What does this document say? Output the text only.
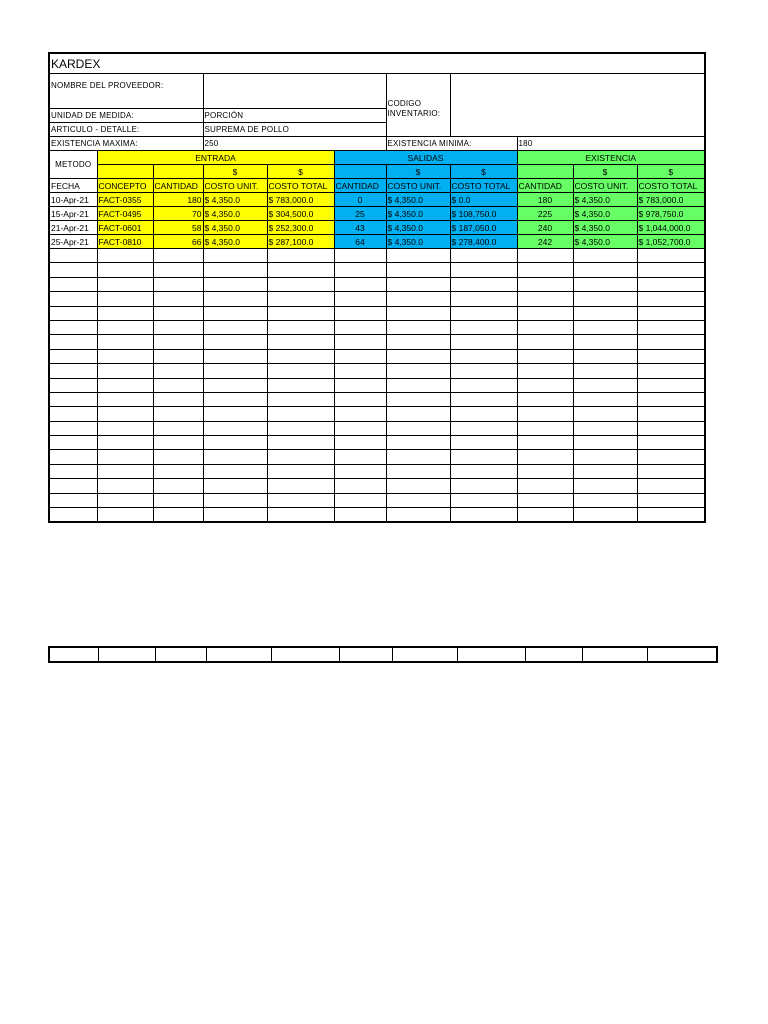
KARDEX										
NOMBRE DEL PROVEEDOR:						CODIGO INVENTARIO:				
UNIDAD DE MEDIDA:			PORCIÓN							
ARTICULO - DETALLE:			SUPREMA DE POLLO							
EXISTENCIA MAXIMA:			250			EXISTENCIA MINIMA:		180		
METODO	ENTRADA				SALIDAS			EXISTENCIA		
			$	$		$	$		$	$
FECHA	CONCEPTO	CANTIDAD	COSTO UNIT.	COSTO TOTAL	CANTIDAD	COSTO UNIT.	COSTO TOTAL	CANTIDAD	COSTO UNIT.	COSTO TOTAL
10-Apr-21	FACT-0355	180	$ 4,350.0	$ 783,000.0	0	$ 4,350.0	$ 0.0	180	$ 4,350.0	$ 783,000.0
15-Apr-21	FACT-0495	70	$ 4,350.0	$ 304,500.0	25	$ 4,350.0	$ 108,750.0	225	$ 4,350.0	$ 978,750.0
21-Apr-21	FACT-0601	58	$ 4,350.0	$ 252,300.0	43	$ 4,350.0	$ 187,050.0	240	$ 4,350.0	$ 1,044,000.0
25-Apr-21	FACT-0810	66	$ 4,350.0	$ 287,100.0	64	$ 4,350.0	$ 278,400.0	242	$ 4,350.0	$ 1,052,700.0
